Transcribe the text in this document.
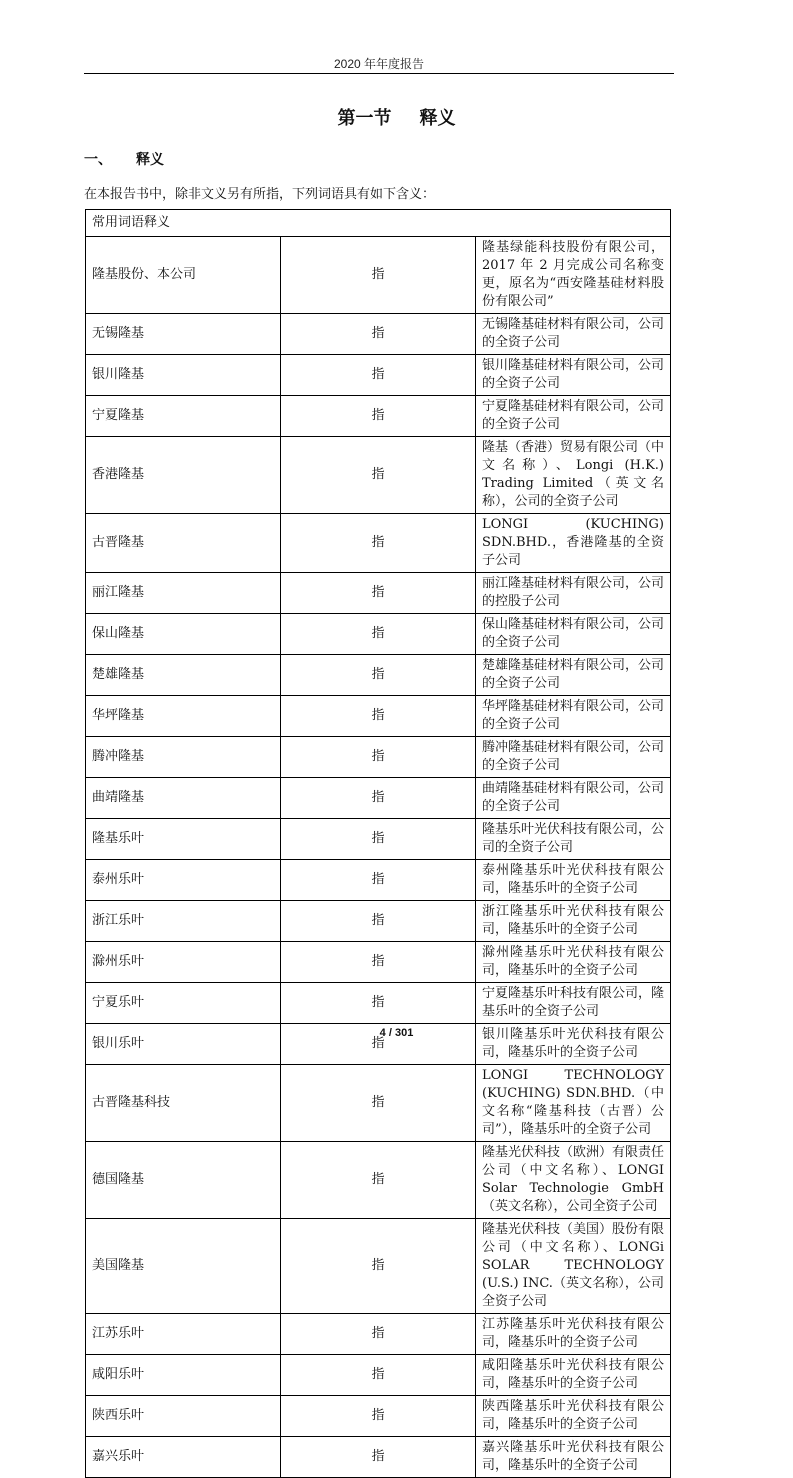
2020 年年度报告
第一节 释义
一、 释义
在本报告书中，除非文义另有所指，下列词语具有如下含义：
常用词语释义		
隆基股份、本公司	指	隆基绿能科技股份有限公司，2017 年 2 月完成公司名称变更，原名为“西安隆基硅材料股份有限公司”
无锡隆基	指	无锡隆基硅材料有限公司，公司的全资子公司
银川隆基	指	银川隆基硅材料有限公司，公司的全资子公司
宁夏隆基	指	宁夏隆基硅材料有限公司，公司的全资子公司
香港隆基	指	隆基（香港）贸易有限公司（中文名称）、Longi (H.K.) Trading Limited（英文名称），公司的全资子公司
古晋隆基	指	LONGI (KUCHING) SDN.BHD.，香港隆基的全资子公司
丽江隆基	指	丽江隆基硅材料有限公司，公司的控股子公司
保山隆基	指	保山隆基硅材料有限公司，公司的全资子公司
楚雄隆基	指	楚雄隆基硅材料有限公司，公司的全资子公司
华坪隆基	指	华坪隆基硅材料有限公司，公司的全资子公司
腾冲隆基	指	腾冲隆基硅材料有限公司，公司的全资子公司
曲靖隆基	指	曲靖隆基硅材料有限公司，公司的全资子公司
隆基乐叶	指	隆基乐叶光伏科技有限公司，公司的全资子公司
泰州乐叶	指	泰州隆基乐叶光伏科技有限公司，隆基乐叶的全资子公司
浙江乐叶	指	浙江隆基乐叶光伏科技有限公司，隆基乐叶的全资子公司
滁州乐叶	指	滁州隆基乐叶光伏科技有限公司，隆基乐叶的全资子公司
宁夏乐叶	指	宁夏隆基乐叶科技有限公司，隆基乐叶的全资子公司
银川乐叶	指	银川隆基乐叶光伏科技有限公司，隆基乐叶的全资子公司
古晋隆基科技	指	LONGI TECHNOLOGY (KUCHING) SDN.BHD.（中文名称“隆基科技（古晋）公司”），隆基乐叶的全资子公司
德国隆基	指	隆基光伏科技（欧洲）有限责任公司（中文名称）、LONGI Solar Technologie GmbH（英文名称），公司全资子公司
美国隆基	指	隆基光伏科技（美国）股份有限公司（中文名称）、LONGi SOLAR TECHNOLOGY (U.S.) INC.（英文名称），公司全资子公司
江苏乐叶	指	江苏隆基乐叶光伏科技有限公司，隆基乐叶的全资子公司
咸阳乐叶	指	咸阳隆基乐叶光伏科技有限公司，隆基乐叶的全资子公司
陕西乐叶	指	陕西隆基乐叶光伏科技有限公司，隆基乐叶的全资子公司
嘉兴乐叶	指	嘉兴隆基乐叶光伏科技有限公司，隆基乐叶的全资子公司
4 / 301
